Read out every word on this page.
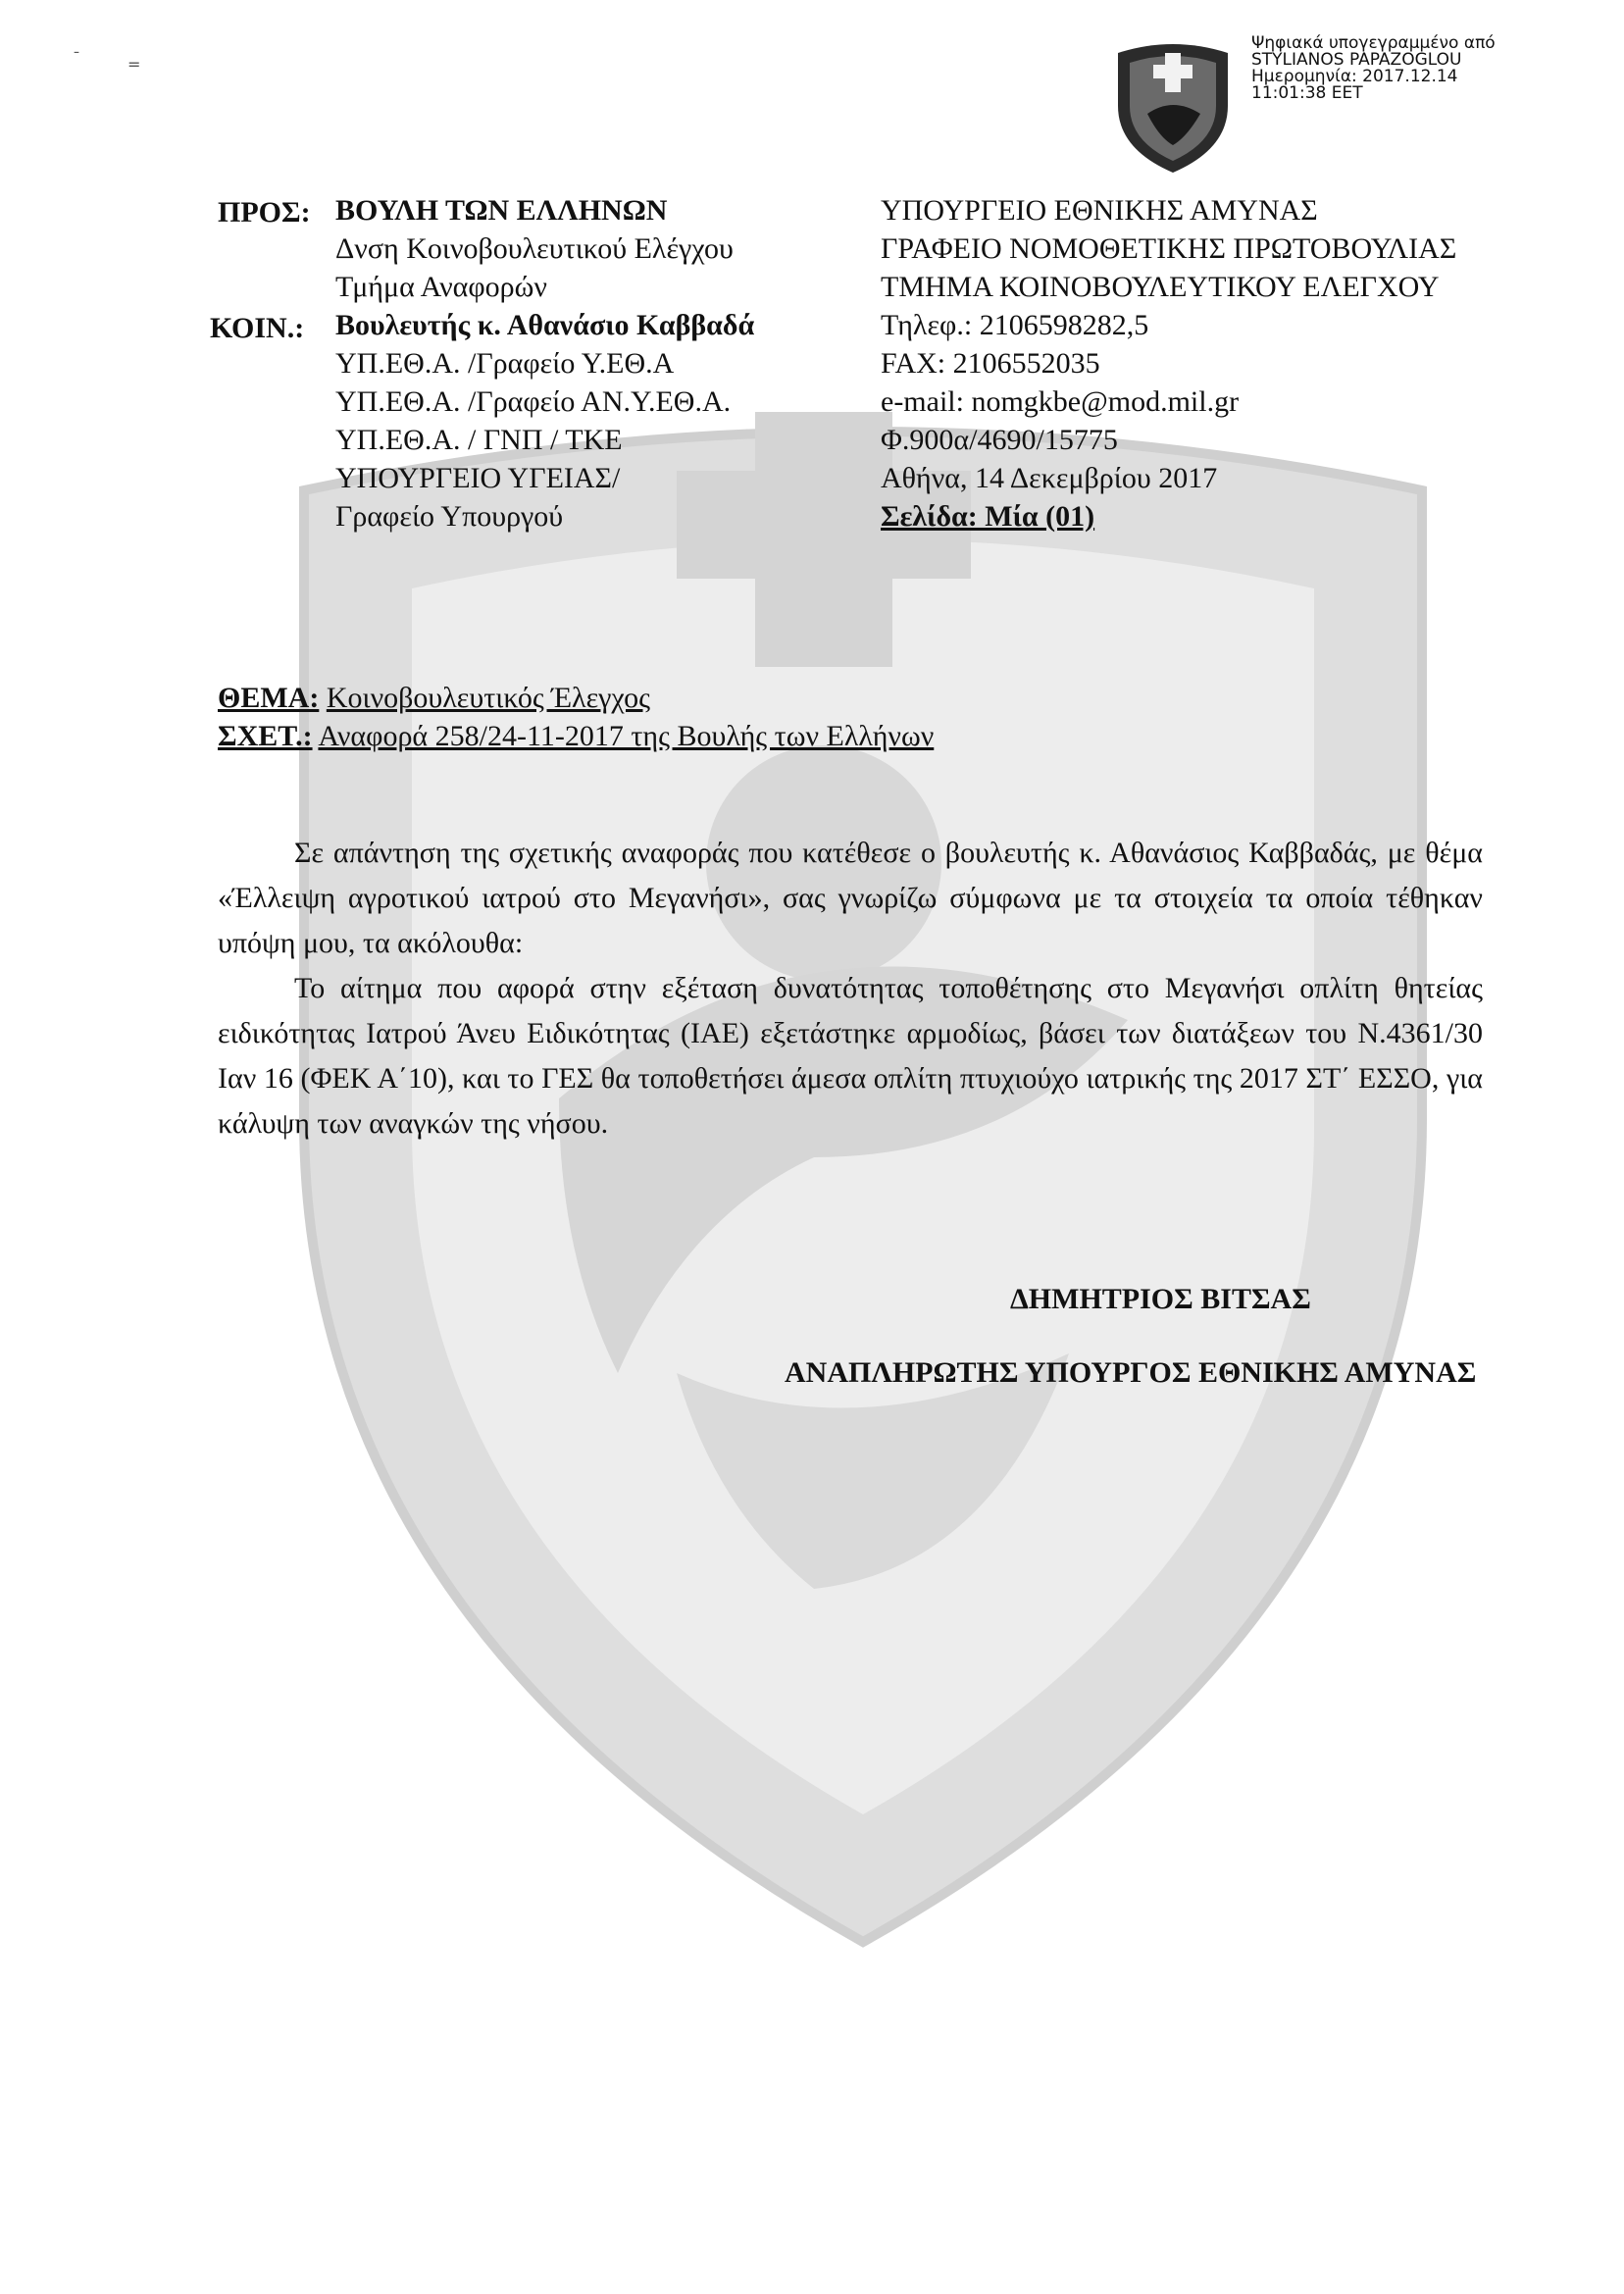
Ψηφιακά υπογεγραμμένο από
STYLIANOS PAPAZOGLOU
Ημερομηνία: 2017.12.14
11:01:38 EET
¯	=
ΠΡΟΣ:
ΚΟΙΝ.:
ΒΟΥΛΗ ΤΩΝ ΕΛΛΗΝΩΝ
Δνση Κοινοβουλευτικού Ελέγχου
Τμήμα Αναφορών
Βουλευτής κ. Αθανάσιο Καββαδά
ΥΠ.ΕΘ.Α. /Γραφείο Υ.ΕΘ.Α
ΥΠ.ΕΘ.Α. /Γραφείο ΑΝ.Υ.ΕΘ.Α.
ΥΠ.ΕΘ.Α. / ΓΝΠ / ΤΚΕ
ΥΠΟΥΡΓΕΙΟ ΥΓΕΙΑΣ/
Γραφείο Υπουργού
ΥΠΟΥΡΓΕΙΟ ΕΘΝΙΚΗΣ ΑΜΥΝΑΣ
ΓΡΑΦΕΙΟ ΝΟΜΟΘΕΤΙΚΗΣ ΠΡΩΤΟΒΟΥΛΙΑΣ
ΤΜΗΜΑ ΚΟΙΝΟΒΟΥΛΕΥΤΙΚΟΥ ΕΛΕΓΧΟΥ
Τηλεφ.: 2106598282,5
FAX: 2106552035
e-mail: nomgkbe@mod.mil.gr
Φ.900α/4690/15775
Αθήνα, 14 Δεκεμβρίου 2017
Σελίδα: Μία (01)
ΘΕΜΑ: Κοινοβουλευτικός Έλεγχος
ΣΧΕΤ.: Αναφορά 258/24-11-2017 της Βουλής των Ελλήνων

Σε απάντηση της σχετικής αναφοράς που κατέθεσε ο βουλευτής κ. Αθανάσιος Καββαδάς, με θέμα «Έλλειψη αγροτικού ιατρού στο Μεγανήσι», σας γνωρίζω σύμφωνα με τα στοιχεία τα οποία τέθηκαν υπόψη μου, τα ακόλουθα:

Το αίτημα που αφορά στην εξέταση δυνατότητας τοποθέτησης στο Μεγανήσι οπλίτη θητείας ειδικότητας Ιατρού Άνευ Ειδικότητας (ΙΑΕ) εξετάστηκε αρμοδίως, βάσει των διατάξεων του Ν.4361/30 Ιαν 16 (ΦΕΚ Α΄10), και το ΓΕΣ θα τοποθετήσει άμεσα οπλίτη πτυχιούχο ιατρικής της 2017 ΣΤ΄ ΕΣΣΟ, για κάλυψη των αναγκών της νήσου.

ΔΗΜΗΤΡΙΟΣ ΒΙΤΣΑΣ
ΑΝΑΠΛΗΡΩΤΗΣ ΥΠΟΥΡΓΟΣ ΕΘΝΙΚΗΣ ΑΜΥΝΑΣ
